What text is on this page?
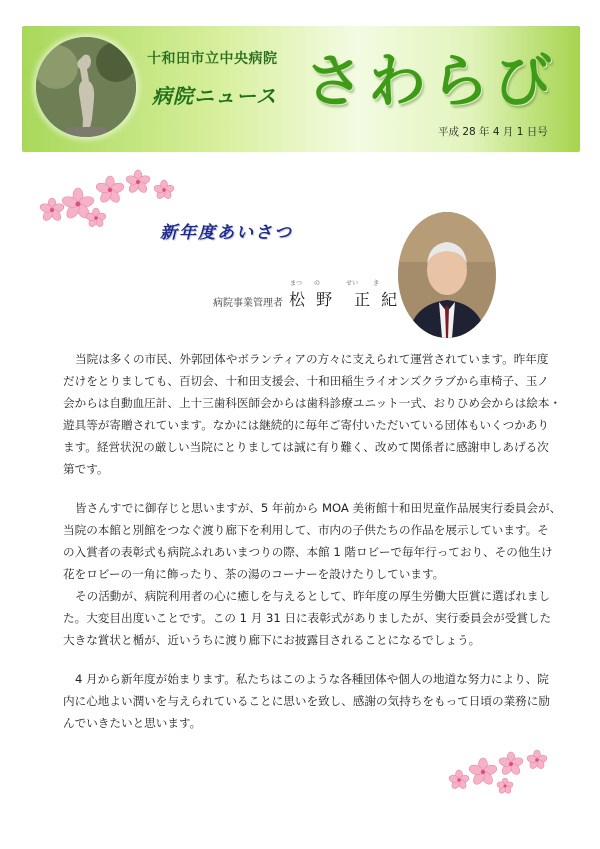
十和田市立中央病院
病院ニュース さわらび
平成 28 年 4 月 1 日号
新年度あいさつ
病院事業管理者 松 野　正 紀
まつ の	せい き

当院は多くの市民、外郭団体やボランティアの方々に支えられて運営されています。昨年度

だけをとりましても、百切会、十和田支援会、十和田稲生ライオンズクラブから車椅子、玉ノ

会からは自動血圧計、上十三歯科医師会からは歯科診療ユニット一式、おりひめ会からは絵本・

遊具等が寄贈されています。なかには継続的に毎年ご寄付いただいている団体もいくつかあり

ます。経営状況の厳しい当院にとりましては誠に有り難く、改めて関係者に感謝申しあげる次

第です。

皆さんすでに御存じと思いますが、5 年前から MOA 美術館十和田児童作品展実行委員会が、

当院の本館と別館をつなぐ渡り廊下を利用して、市内の子供たちの作品を展示しています。そ

の入賞者の表彰式も病院ふれあいまつりの際、本館 1 階ロビーで毎年行っており、その他生け

花をロビーの一角に飾ったり、茶の湯のコーナーを設けたりしています。

その活動が、病院利用者の心に癒しを与えるとして、昨年度の厚生労働大臣賞に選ばれまし

た。大変目出度いことです。この 1 月 31 日に表彰式がありましたが、実行委員会が受賞した

大きな賞状と楯が、近いうちに渡り廊下にお披露目されることになるでしょう。

4 月から新年度が始まります。私たちはこのような各種団体や個人の地道な努力により、院

内に心地よい潤いを与えられていることに思いを致し、感謝の気持ちをもって日頃の業務に励

んでいきたいと思います。
